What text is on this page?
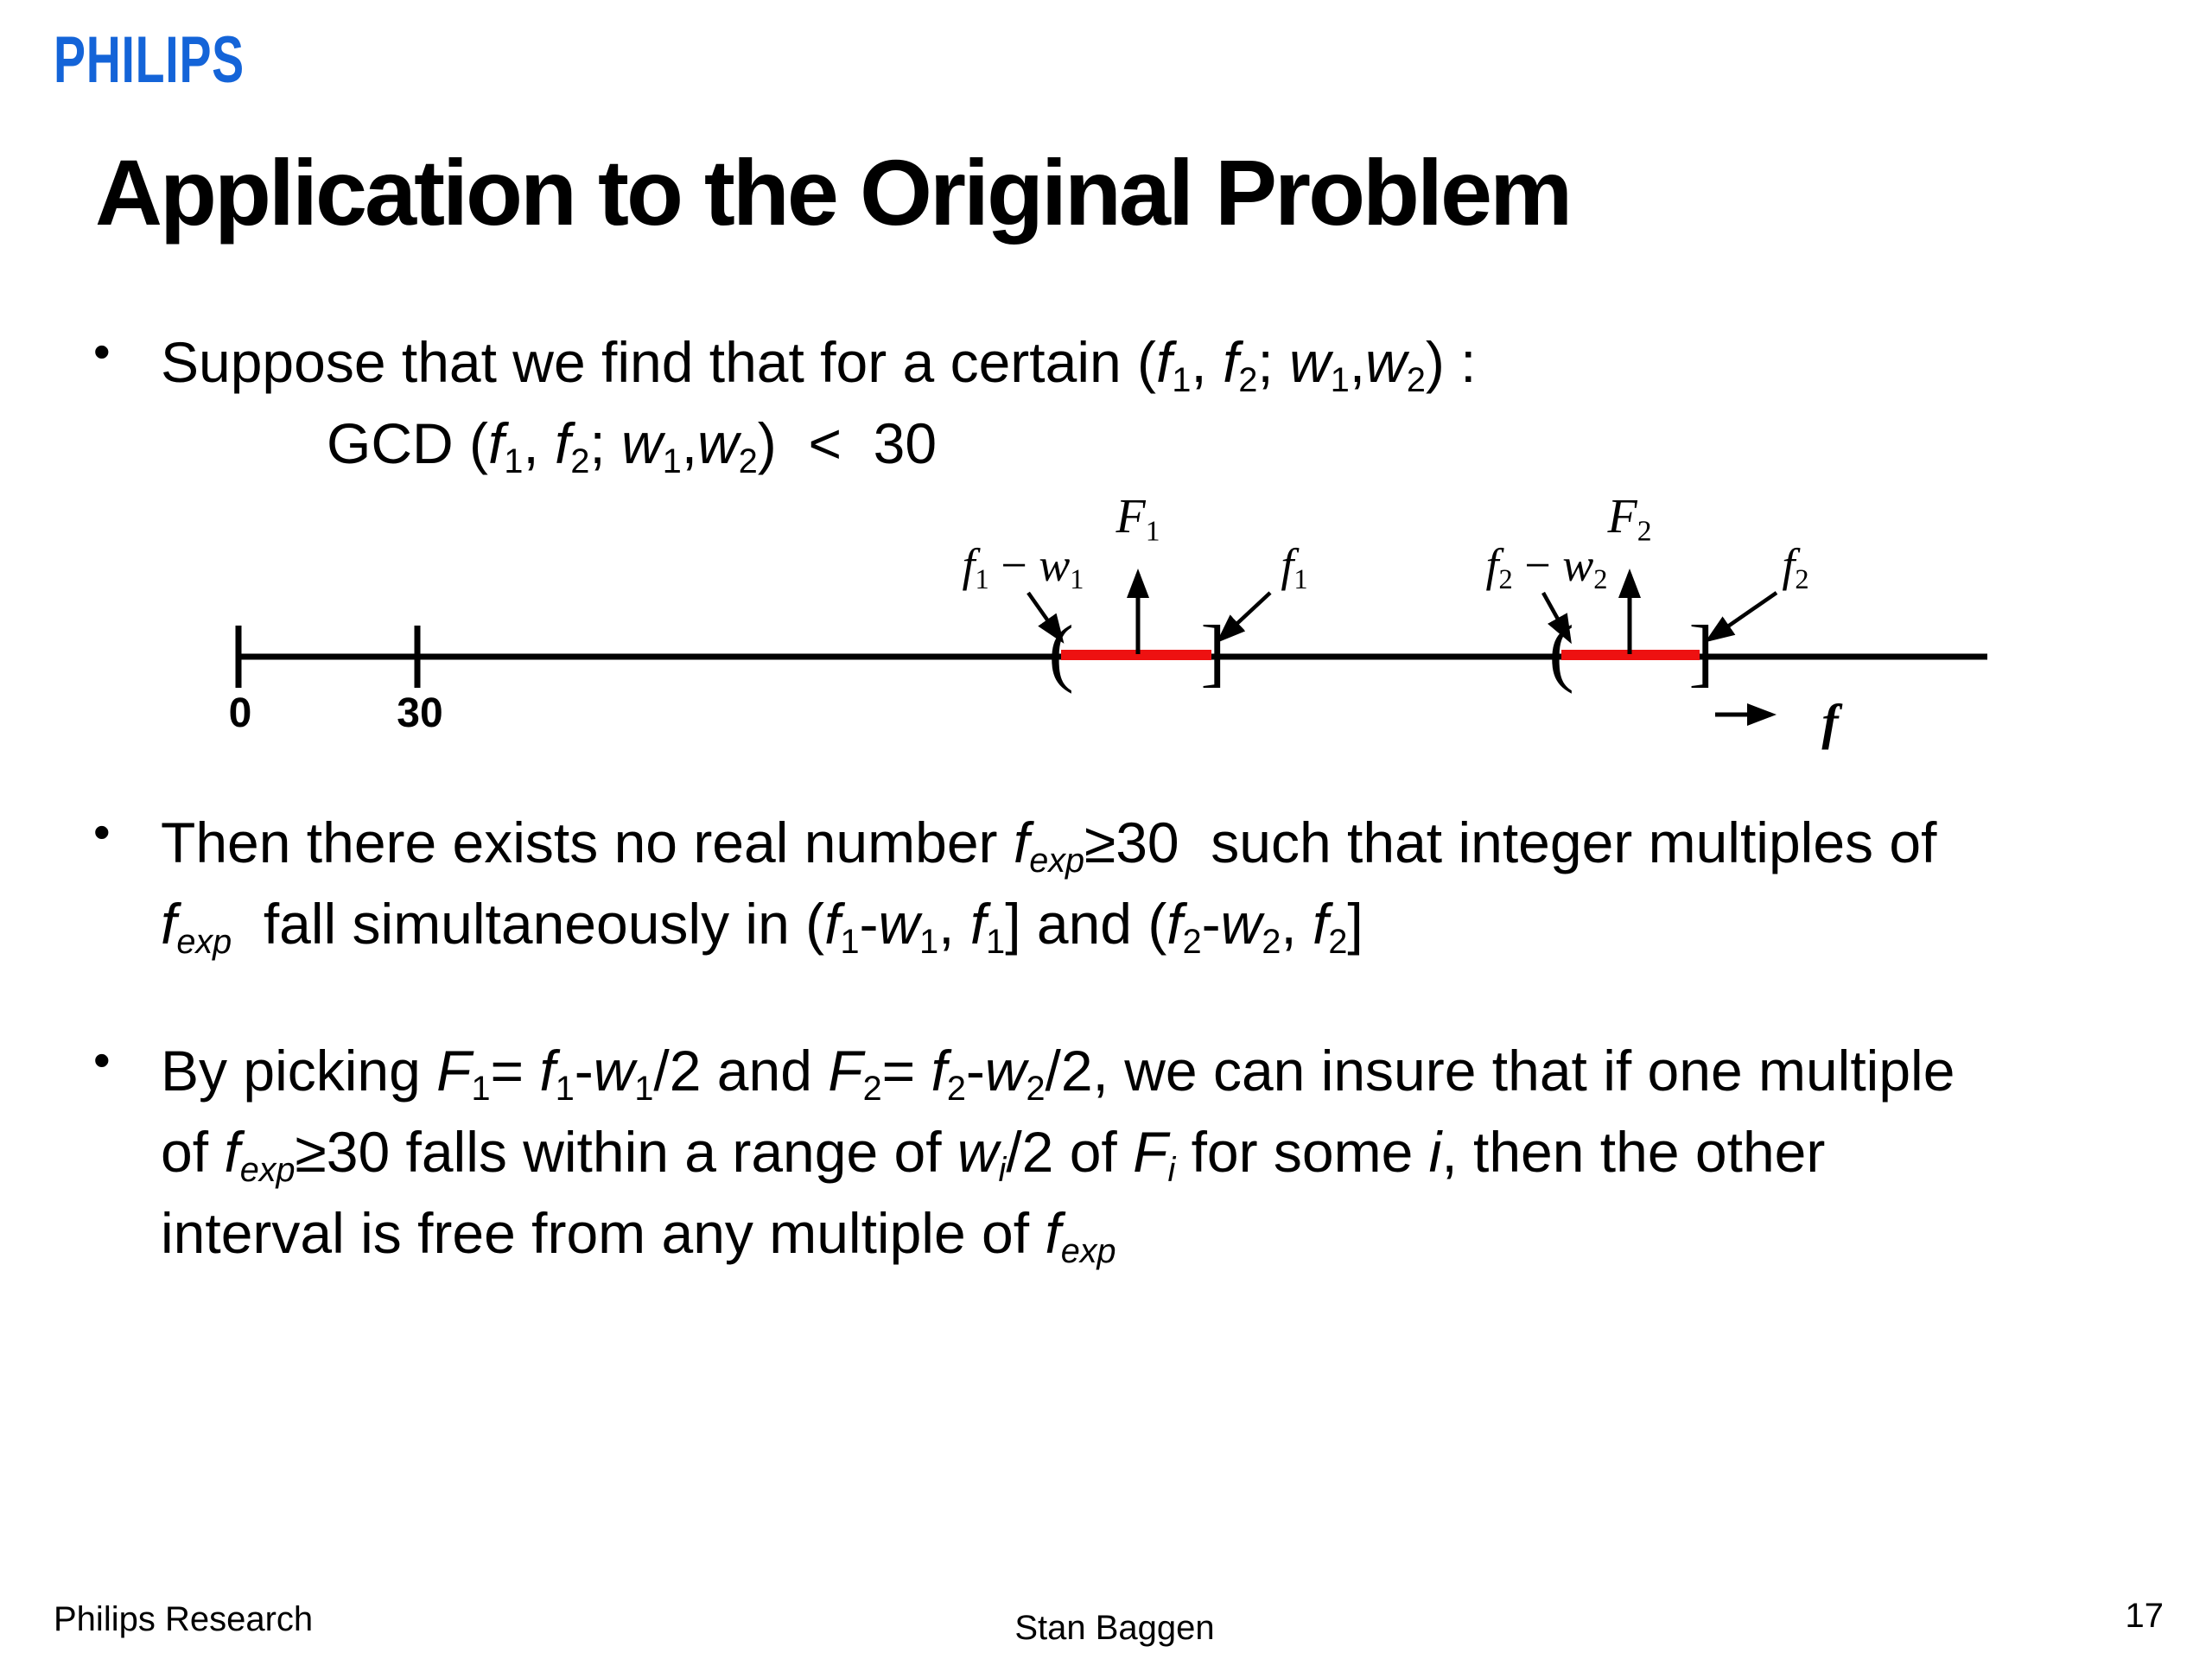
PHILIPS
Application to the Original Problem
• Suppose that we find that for a certain (f1, f2; w1,w2) :
GCD (f1, f2; w1,w2)  <  30
F1	F2
f1 − w1	f1	f2 − w2	f2
( ]	( ]
0	30	f
• Then there exists no real number fexp≥30  such that integer multiples of
fexp  fall simultaneously in (f1-w1, f1] and (f2-w2, f2]
• By picking F1= f1-w1/2 and F2= f2-w2/2, we can insure that if one multiple
of fexp≥30 falls within a range of wi/2 of Fi for some i, then the other
interval is free from any multiple of fexp
Philips Research	Stan Baggen	17
